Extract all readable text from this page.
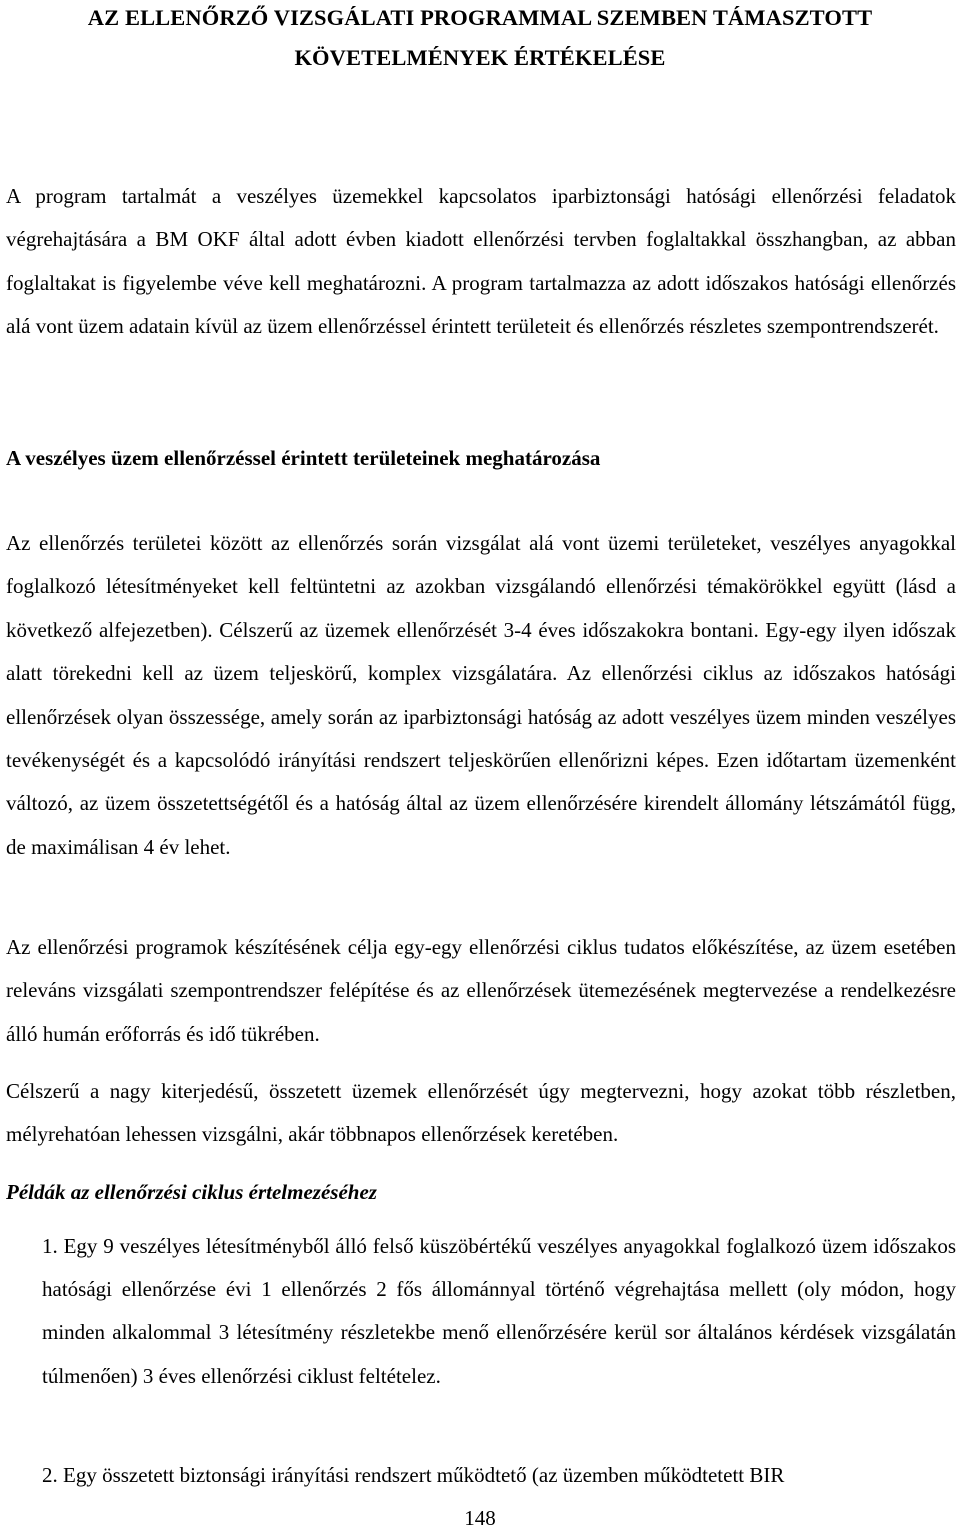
AZ ELLENŐRZŐ VIZSGÁLATI PROGRAMMAL SZEMBEN TÁMASZTOTT
KÖVETELMÉNYEK ÉRTÉKELÉSE

A program tartalmát a veszélyes üzemekkel kapcsolatos iparbiztonsági hatósági ellenőrzési feladatok végrehajtására a BM OKF által adott évben kiadott ellenőrzési tervben foglaltakkal összhangban, az abban foglaltakat is figyelembe véve kell meghatározni. A program tartalmazza az adott időszakos hatósági ellenőrzés alá vont üzem adatain kívül az üzem ellenőrzéssel érintett területeit és ellenőrzés részletes szempontrendszerét.

A veszélyes üzem ellenőrzéssel érintett területeinek meghatározása

Az ellenőrzés területei között az ellenőrzés során vizsgálat alá vont üzemi területeket, veszélyes anyagokkal foglalkozó létesítményeket kell feltüntetni az azokban vizsgálandó ellenőrzési témakörökkel együtt (lásd a következő alfejezetben). Célszerű az üzemek ellenőrzését 3-4 éves időszakokra bontani. Egy-egy ilyen időszak alatt törekedni kell az üzem teljeskörű, komplex vizsgálatára. Az ellenőrzési ciklus az időszakos hatósági ellenőrzések olyan összessége, amely során az iparbiztonsági hatóság az adott veszélyes üzem minden veszélyes tevékenységét és a kapcsolódó irányítási rendszert teljeskörűen ellenőrizni képes. Ezen időtartam üzemenként változó, az üzem összetettségétől és a hatóság által az üzem ellenőrzésére kirendelt állomány létszámától függ, de maximálisan 4 év lehet.

Az ellenőrzési programok készítésének célja egy-egy ellenőrzési ciklus tudatos előkészítése, az üzem esetében releváns vizsgálati szempontrendszer felépítése és az ellenőrzések ütemezésének megtervezése a rendelkezésre álló humán erőforrás és idő tükrében.

Célszerű a nagy kiterjedésű, összetett üzemek ellenőrzését úgy megtervezni, hogy azokat több részletben, mélyrehatóan lehessen vizsgálni, akár többnapos ellenőrzések keretében.

Példák az ellenőrzési ciklus értelmezéséhez

1. Egy 9 veszélyes létesítményből álló felső küszöbértékű veszélyes anyagokkal foglalkozó üzem időszakos hatósági ellenőrzése évi 1 ellenőrzés 2 fős állománnyal történő végrehajtása mellett (oly módon, hogy minden alkalommal 3 létesítmény részletekbe menő ellenőrzésére kerül sor általános kérdések vizsgálatán túlmenően) 3 éves ellenőrzési ciklust feltételez.

2. Egy összetett biztonsági irányítási rendszert működtető (az üzemben működtetett BIR

148
